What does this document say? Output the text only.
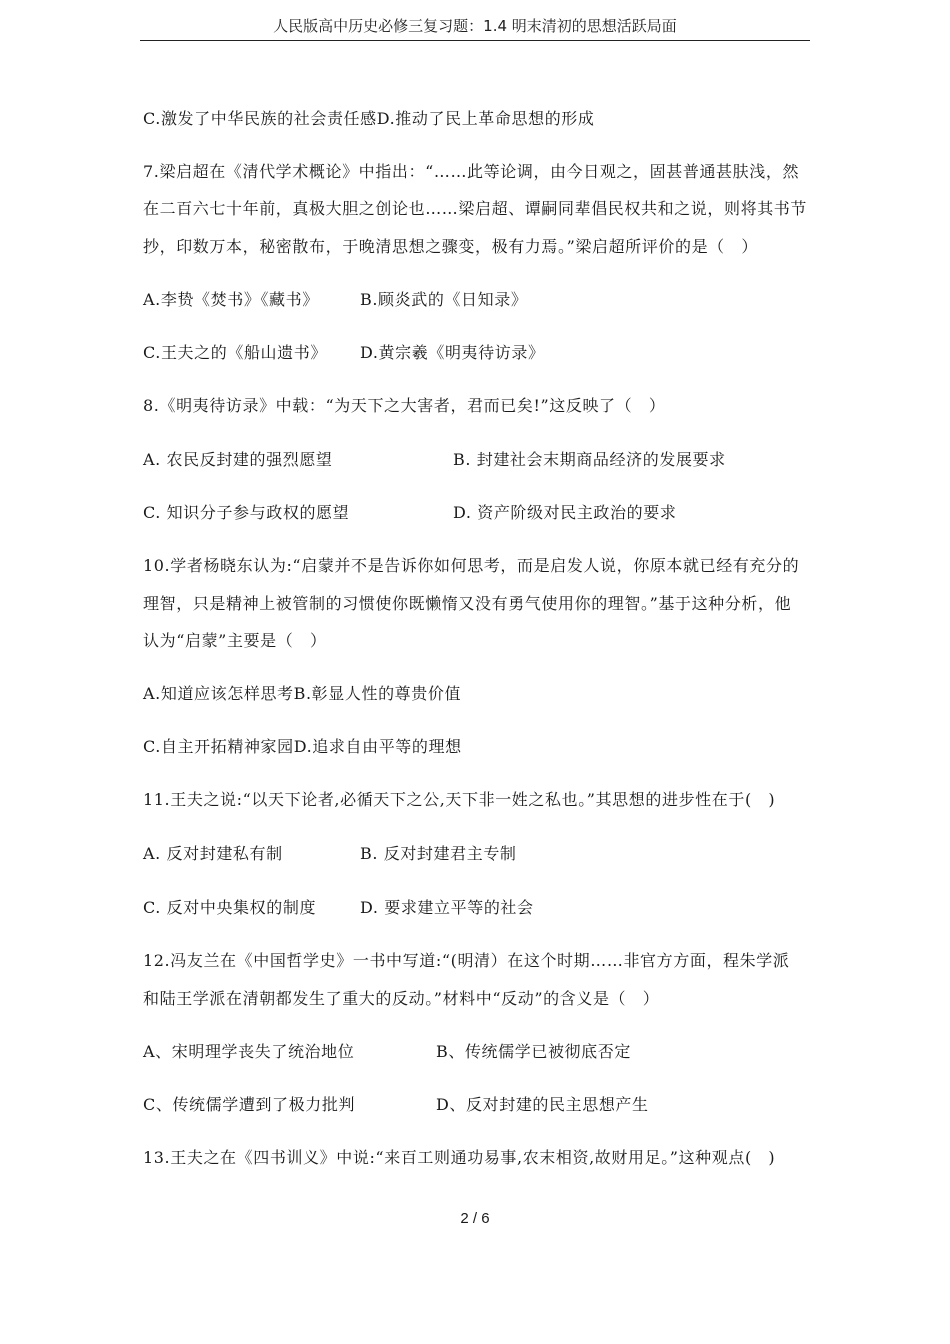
人民版高中历史必修三复习题：1.4 明末清初的思想活跃局面
C.激发了中华民族的社会责任感D.推动了民上革命思想的形成
7.梁启超在《清代学术概论》中指出：“……此等论调，由今日观之，固甚普通甚肤浅，然
在二百六七十年前，真极大胆之创论也……梁启超、谭嗣同辈倡民权共和之说，则将其书节
抄，印数万本，秘密散布，于晚清思想之骤变，极有力焉。”梁启超所评价的是（　）
A.李贽《焚书》《藏书》	B.顾炎武的《日知录》
C.王夫之的《船山遗书》 D.黄宗羲《明夷待访录》
8.《明夷待访录》中载：“为天下之大害者，君而已矣!”这反映了（　）
A. 农民反封建的强烈愿望	B. 封建社会末期商品经济的发展要求
C. 知识分子参与政权的愿望	D. 资产阶级对民主政治的要求
10.学者杨晓东认为:“启蒙并不是告诉你如何思考，而是启发人说，你原本就已经有充分的
理智，只是精神上被管制的习惯使你既懒惰又没有勇气使用你的理智。”基于这种分析，他
认为“启蒙”主要是（　）
A.知道应该怎样思考B.彰显人性的尊贵价值
C.自主开拓精神家园D.追求自由平等的理想
11.王夫之说:“以天下论者,必循天下之公,天下非一姓之私也。”其思想的进步性在于(　)
A. 反对封建私有制	B. 反对封建君主专制
C. 反对中央集权的制度	D. 要求建立平等的社会
12.冯友兰在《中国哲学史》一书中写道:“(明清）在这个时期……非官方方面，程朱学派
和陆王学派在清朝都发生了重大的反动。”材料中“反动”的含义是（　）
A、宋明理学丧失了统治地位	B、传统儒学已被彻底否定
C、传统儒学遭到了极力批判	D、反对封建的民主思想产生
13.王夫之在《四书训义》中说:“来百工则通功易事,农末相资,故财用足。”这种观点(　)
2 / 6
